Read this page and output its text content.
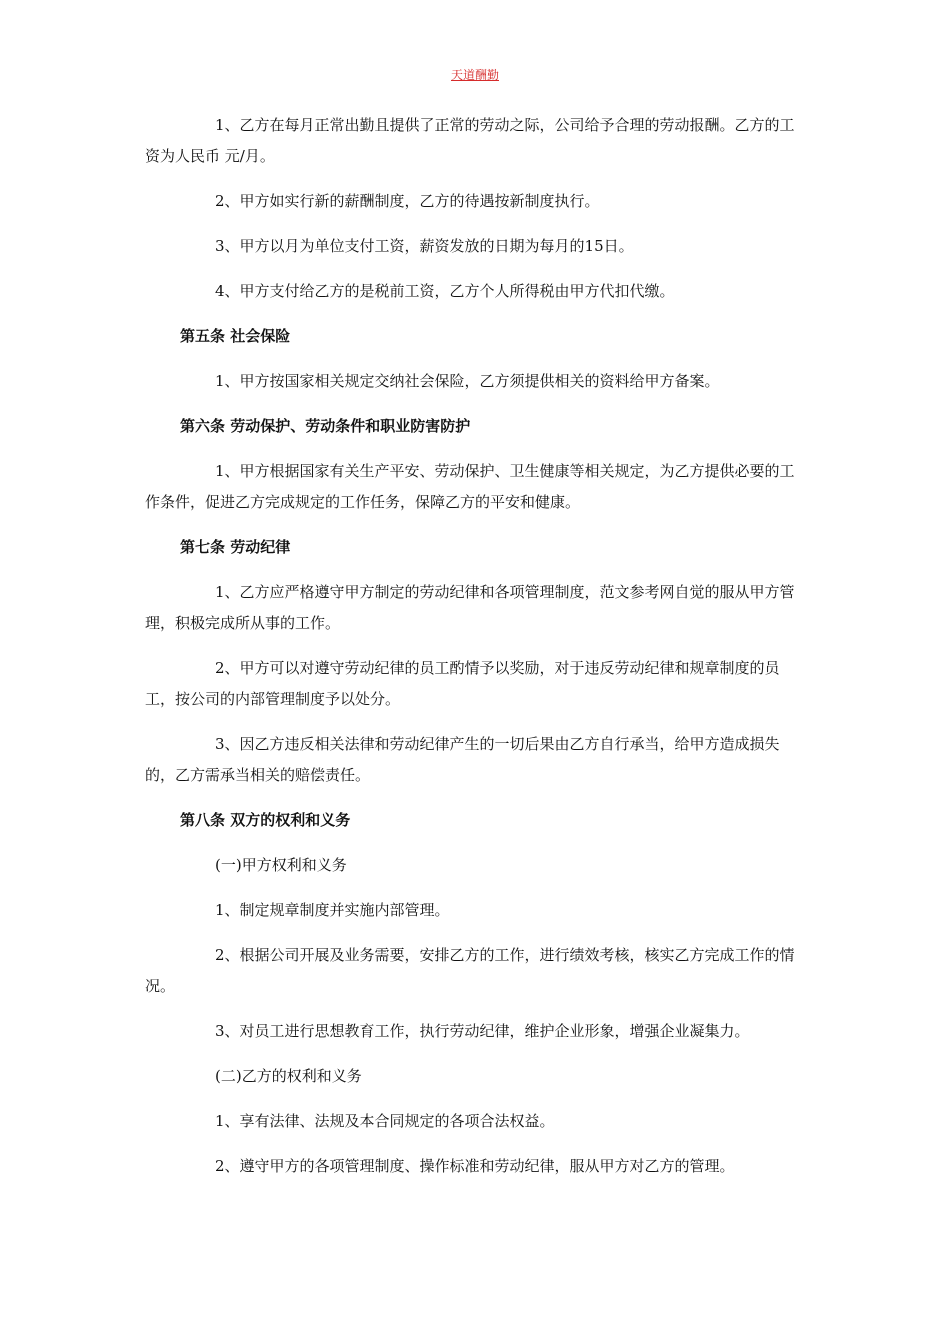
天道酬勤
1、乙方在每月正常出勤且提供了正常的劳动之际，公司给予合理的劳动报酬。乙方的工资为人民币 元/月。
2、甲方如实行新的薪酬制度，乙方的待遇按新制度执行。
3、甲方以月为单位支付工资，薪资发放的日期为每月的15日。
4、甲方支付给乙方的是税前工资，乙方个人所得税由甲方代扣代缴。
第五条 社会保险
1、甲方按国家相关规定交纳社会保险，乙方须提供相关的资料给甲方备案。
第六条 劳动保护、劳动条件和职业防害防护
1、甲方根据国家有关生产平安、劳动保护、卫生健康等相关规定，为乙方提供必要的工作条件，促进乙方完成规定的工作任务，保障乙方的平安和健康。
第七条 劳动纪律
1、乙方应严格遵守甲方制定的劳动纪律和各项管理制度，范文参考网自觉的服从甲方管理，积极完成所从事的工作。
2、甲方可以对遵守劳动纪律的员工酌情予以奖励，对于违反劳动纪律和规章制度的员工，按公司的内部管理制度予以处分。
3、因乙方违反相关法律和劳动纪律产生的一切后果由乙方自行承当，给甲方造成损失的，乙方需承当相关的赔偿责任。
第八条 双方的权利和义务
(一)甲方权利和义务
1、制定规章制度并实施内部管理。
2、根据公司开展及业务需要，安排乙方的工作，进行绩效考核，核实乙方完成工作的情况。
3、对员工进行思想教育工作，执行劳动纪律，维护企业形象，增强企业凝集力。
(二)乙方的权利和义务
1、享有法律、法规及本合同规定的各项合法权益。
2、遵守甲方的各项管理制度、操作标准和劳动纪律，服从甲方对乙方的管理。
